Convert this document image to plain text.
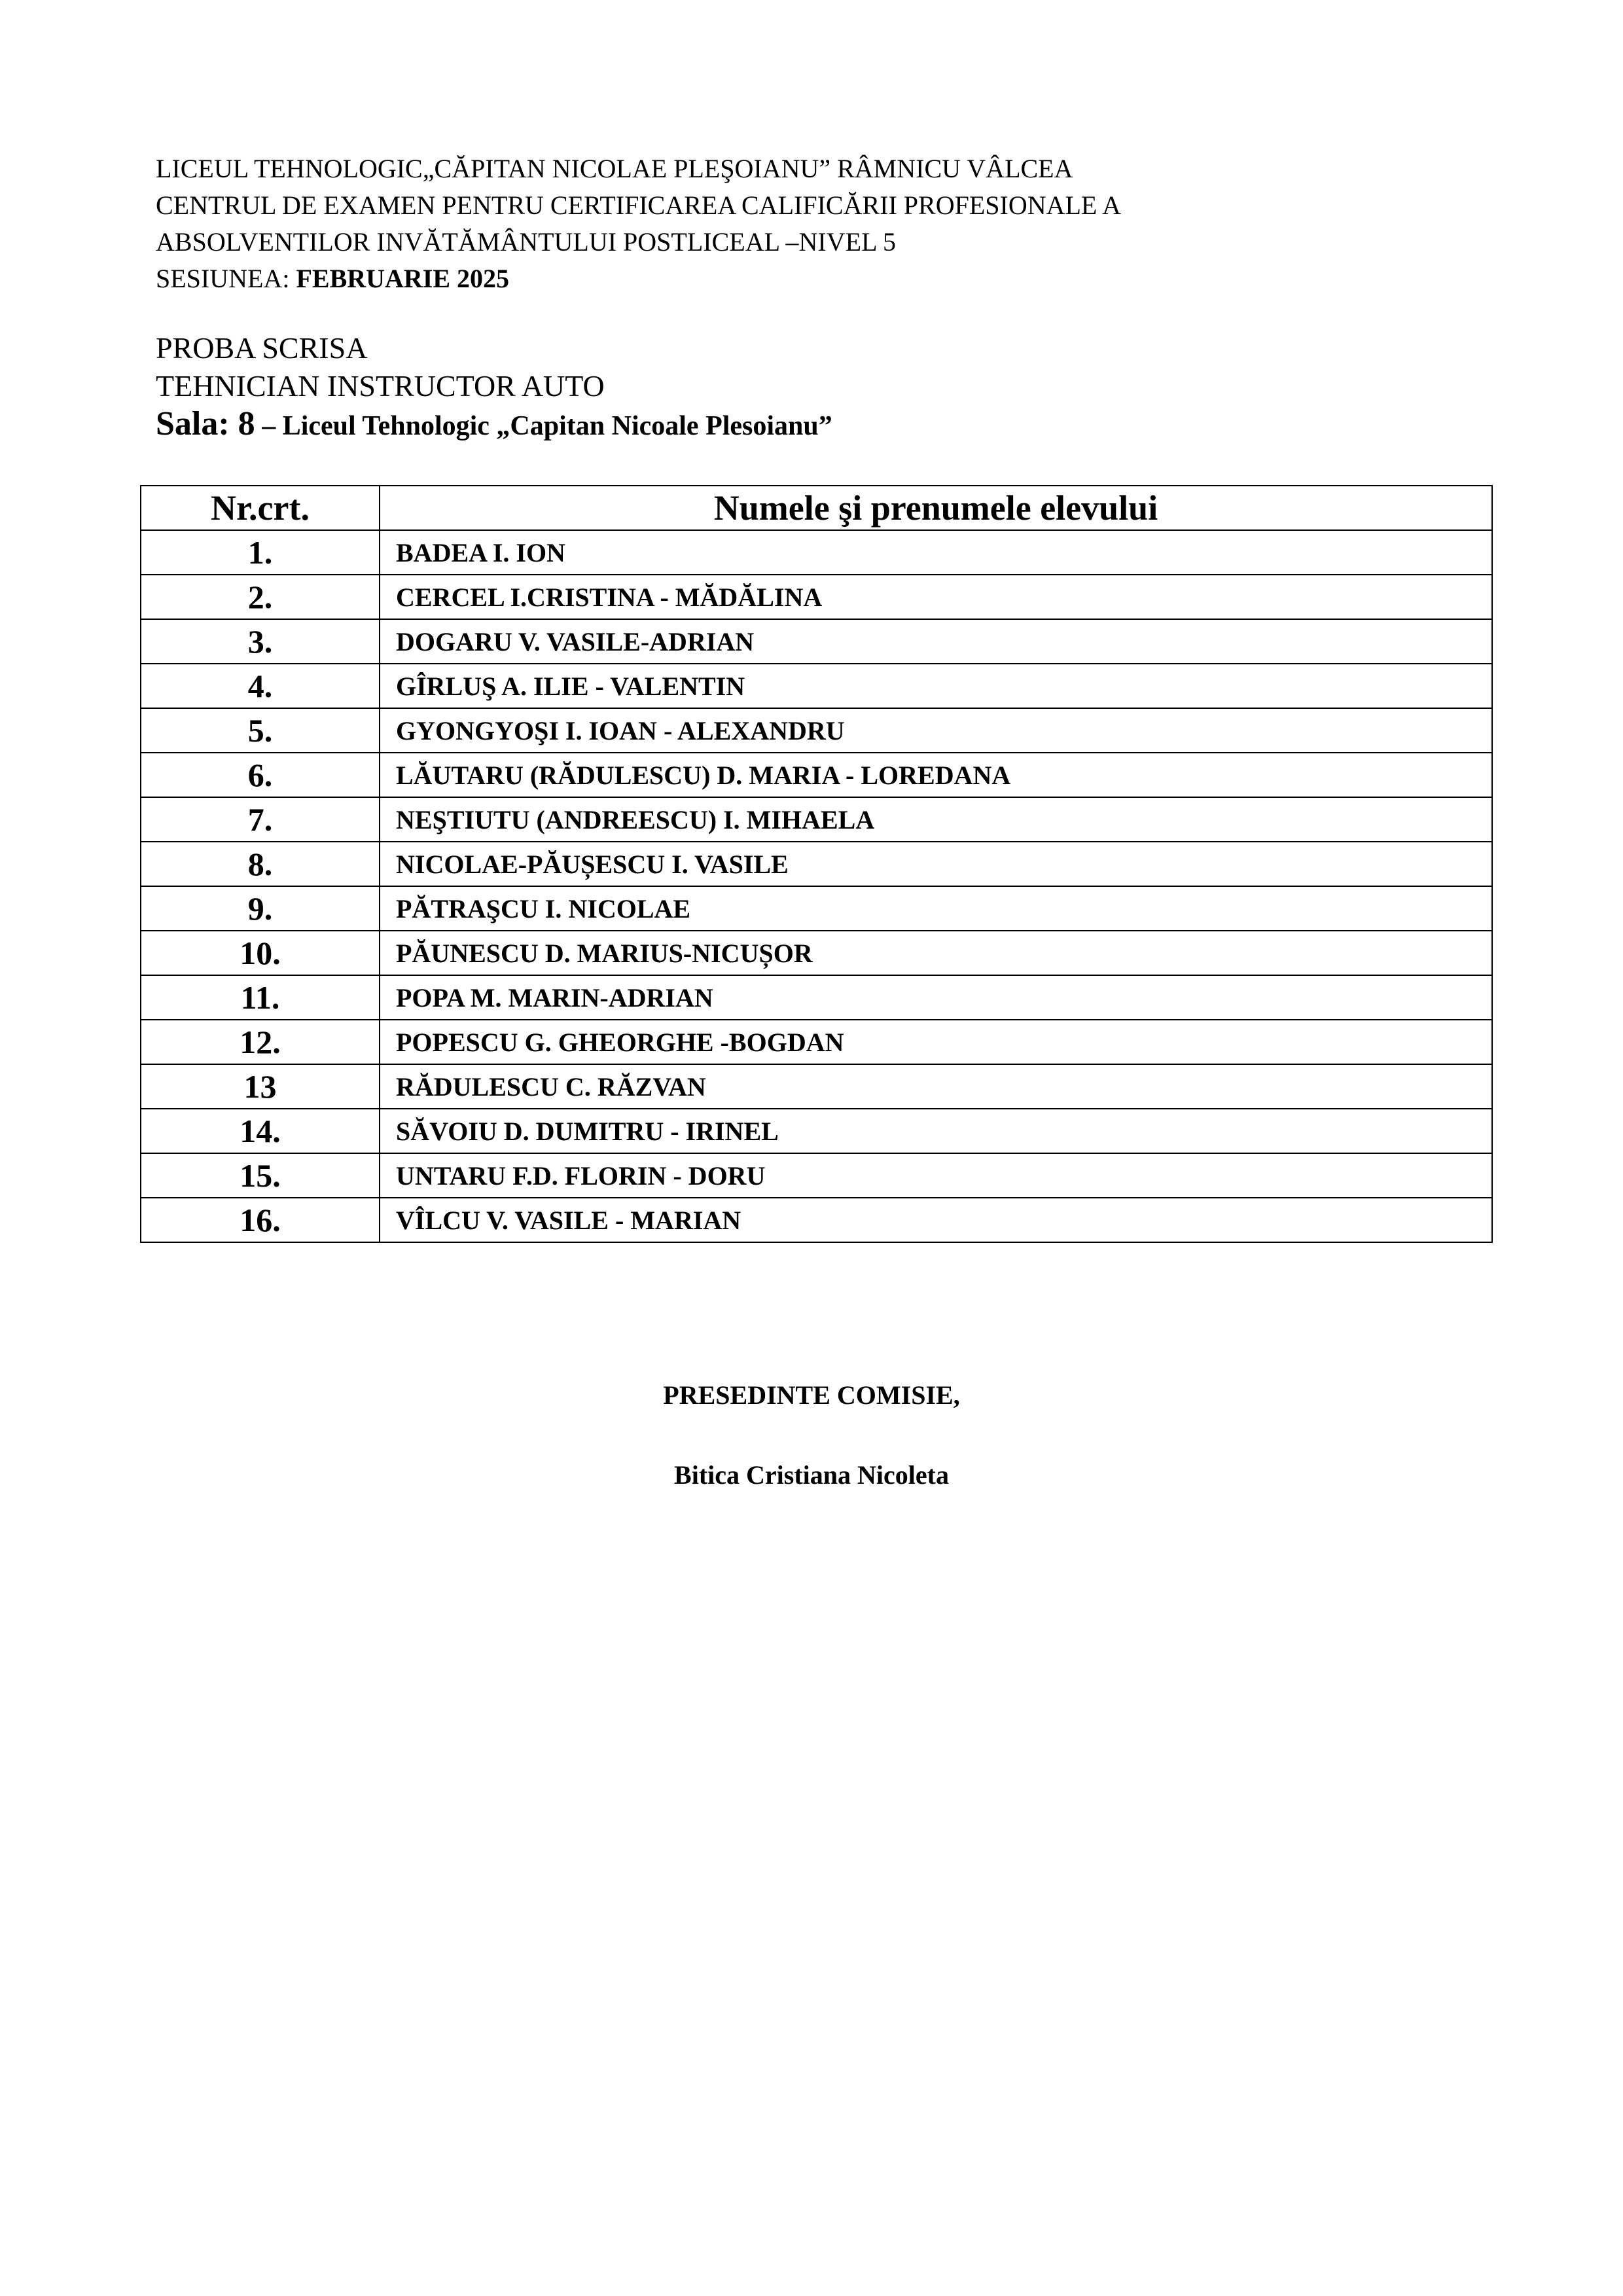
LICEUL TEHNOLOGIC„CĂPITAN NICOLAE PLEŞOIANU” RÂMNICU VÂLCEA
CENTRUL DE EXAMEN PENTRU CERTIFICAREA CALIFICĂRII PROFESIONALE A
ABSOLVENTILOR INVĂTĂMÂNTULUI POSTLICEAL –NIVEL 5
SESIUNEA: FEBRUARIE 2025
PROBA SCRISA
TEHNICIAN INSTRUCTOR AUTO
Sala: 8 – Liceul Tehnologic „Capitan Nicoale Plesoianu”
Nr.crt.	Numele şi prenumele elevului
1.	BADEA I. ION
2.	CERCEL I.CRISTINA - MĂDĂLINA
3.	DOGARU V. VASILE-ADRIAN
4.	GÎRLUŞ A. ILIE - VALENTIN
5.	GYONGYOŞI I. IOAN - ALEXANDRU
6.	LĂUTARU (RĂDULESCU) D. MARIA - LOREDANA
7.	NEŞTIUTU (ANDREESCU) I. MIHAELA
8.	NICOLAE-PĂUȘESCU I. VASILE
9.	PĂTRAŞCU I. NICOLAE
10.	PĂUNESCU D. MARIUS-NICUȘOR
11.	POPA M. MARIN-ADRIAN
12.	POPESCU G. GHEORGHE -BOGDAN
13	RĂDULESCU C. RĂZVAN
14.	SĂVOIU D. DUMITRU - IRINEL
15.	UNTARU F.D. FLORIN - DORU
16.	VÎLCU V. VASILE - MARIAN
PRESEDINTE COMISIE,
Bitica Cristiana Nicoleta
